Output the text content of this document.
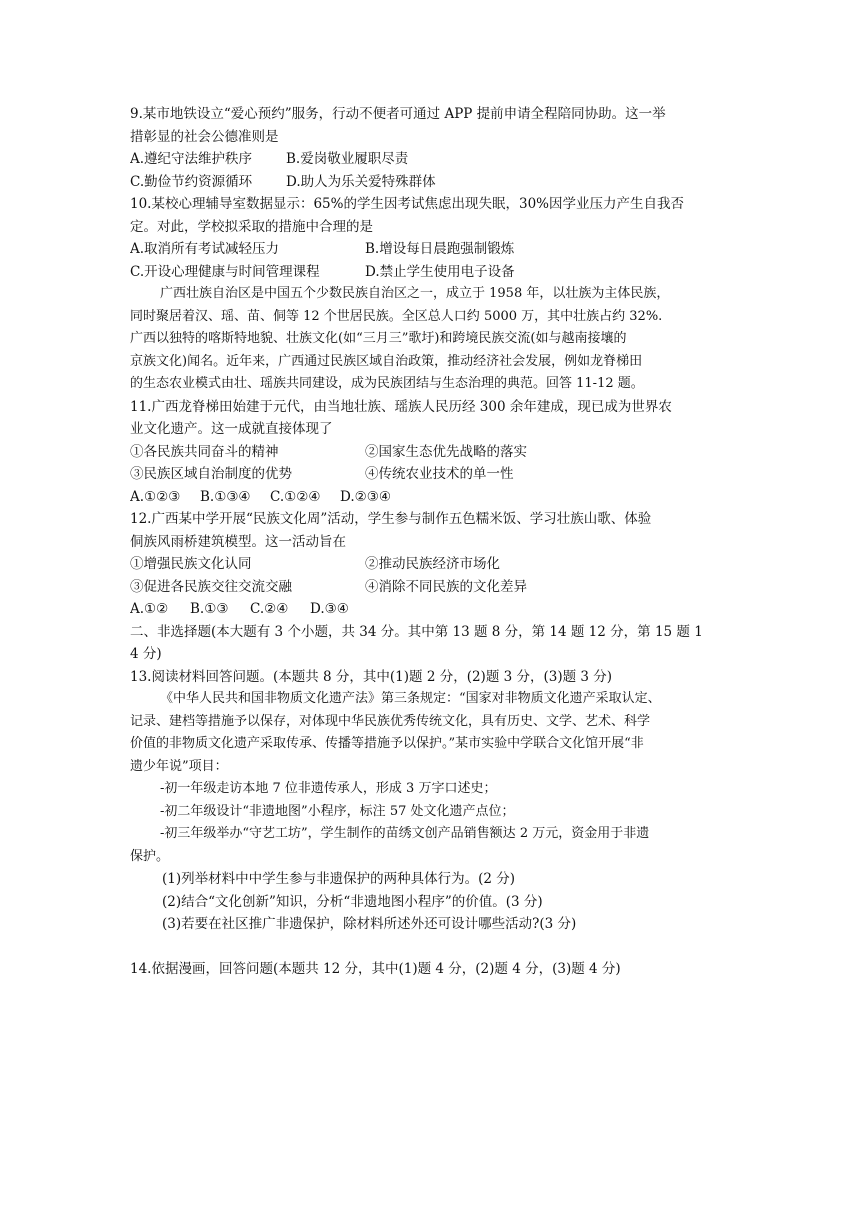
9.某市地铁设立“爱心预约”服务，行动不便者可通过 APP 提前申请全程陪同协助。这一举
措彰显的社会公德准则是
A.遵纪守法维护秩序	B.爱岗敬业履职尽责
C.勤俭节约资源循环	D.助人为乐关爱特殊群体
10.某校心理辅导室数据显示：65%的学生因考试焦虑出现失眠，30%因学业压力产生自我否
定。对此，学校拟采取的措施中合理的是
A.取消所有考试减轻压力	B.增设每日晨跑强制锻炼
C.开设心理健康与时间管理课程	D.禁止学生使用电子设备
广西壮族自治区是中国五个少数民族自治区之一，成立于 1958 年，以壮族为主体民族，
同时聚居着汉、瑶、苗、侗等 12 个世居民族。全区总人口约 5000 万，其中壮族占约 32%.
广西以独特的喀斯特地貌、壮族文化(如“三月三”歌圩)和跨境民族交流(如与越南接壤的
京族文化)闻名。近年来，广西通过民族区域自治政策，推动经济社会发展，例如龙脊梯田
的生态农业模式由壮、瑶族共同建设，成为民族团结与生态治理的典范。回答 11-12 题。
11.广西龙脊梯田始建于元代，由当地壮族、瑶族人民历经 300 余年建成，现已成为世界农
业文化遗产。这一成就直接体现了
①各民族共同奋斗的精神	②国家生态优先战略的落实
③民族区域自治制度的优势	④传统农业技术的单一性
A.①②③ B.①③④ C.①②④ D.②③④
12.广西某中学开展“民族文化周”活动，学生参与制作五色糯米饭、学习壮族山歌、体验
侗族风雨桥建筑模型。这一活动旨在
①增强民族文化认同	②推动民族经济市场化
③促进各民族交往交流交融	④消除不同民族的文化差异
A.①② B.①③ C.②④ D.③④
二、非选择题(本大题有 3 个小题，共 34 分。其中第 13 题 8 分，第 14 题 12 分，第 15 题 1
4 分)
13.阅读材料回答问题。(本题共 8 分，其中(1)题 2 分，(2)题 3 分，(3)题 3 分)
《中华人民共和国非物质文化遗产法》第三条规定：“国家对非物质文化遗产采取认定、
记录、建档等措施予以保存，对体现中华民族优秀传统文化，具有历史、文学、艺术、科学
价值的非物质文化遗产采取传承、传播等措施予以保护。”某市实验中学联合文化馆开展“非
遗少年说”项目：
-初一年级走访本地 7 位非遗传承人，形成 3 万字口述史；
-初二年级设计“非遗地图”小程序，标注 57 处文化遗产点位；
-初三年级举办“守艺工坊”，学生制作的苗绣文创产品销售额达 2 万元，资金用于非遗
保护。
(1)列举材料中中学生参与非遗保护的两种具体行为。(2 分)
(2)结合“文化创新”知识，分析“非遗地图小程序”的价值。(3 分)
(3)若要在社区推广非遗保护，除材料所述外还可设计哪些活动?(3 分)
14.依据漫画，回答问题(本题共 12 分，其中(1)题 4 分，(2)题 4 分，(3)题 4 分)
